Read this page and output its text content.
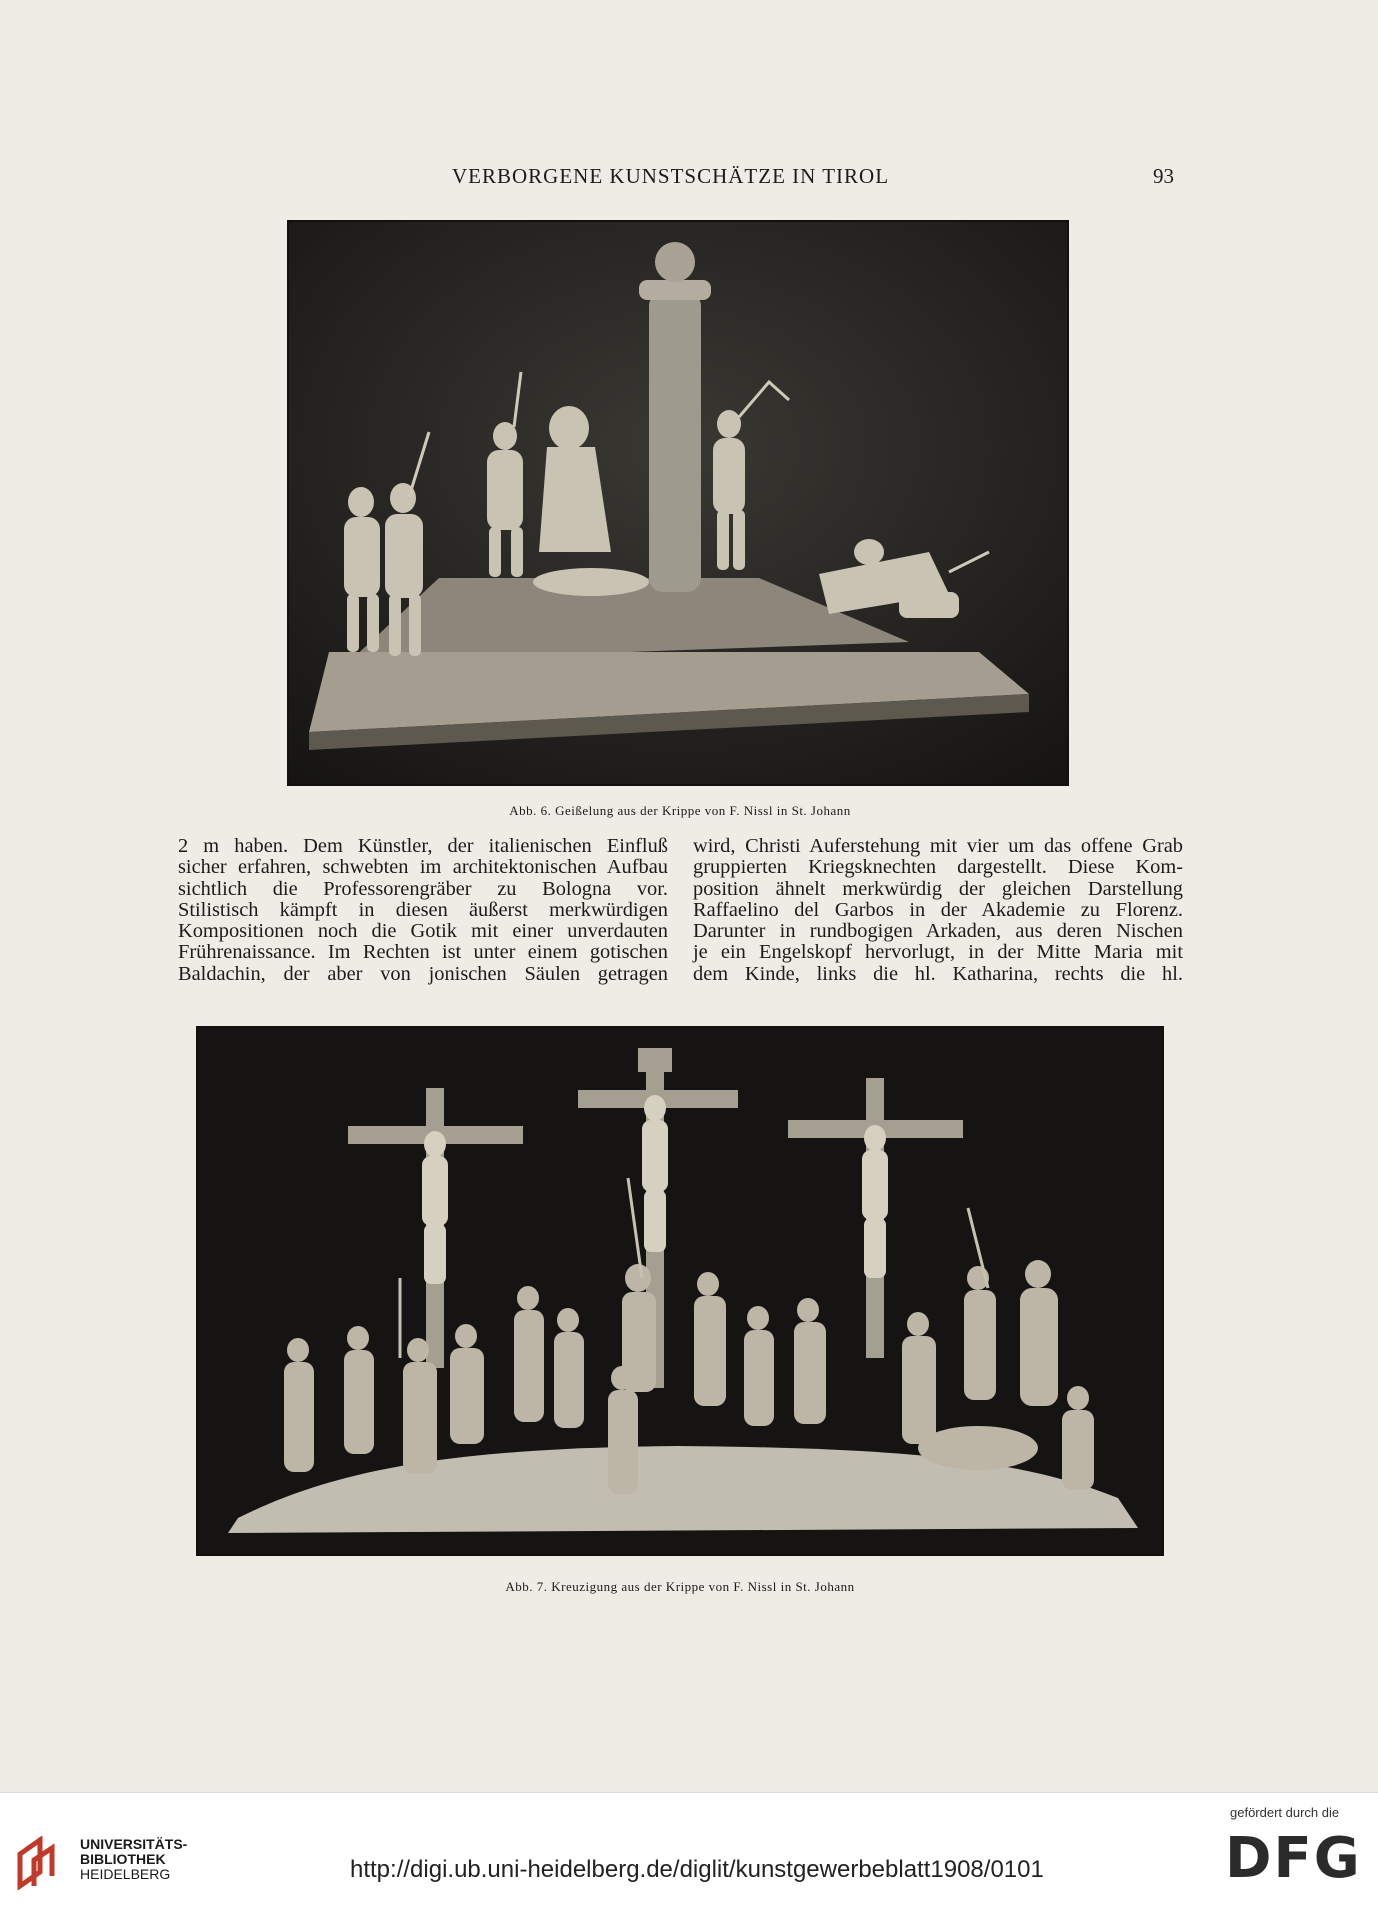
VERBORGENE KUNSTSCHÄTZE IN TIROL	93
Abb. 6. Geißelung aus der Krippe von F. Nissl in St. Johann
2 m haben. Dem Künstler, der italienischen Einfluß
sicher erfahren, schwebten im architektonischen Aufbau
sichtlich die Professorengräber zu Bologna vor.
Stilistisch kämpft in diesen äußerst merkwürdigen
Kompositionen noch die Gotik mit einer unverdauten
Frührenaissance. Im Rechten ist unter einem gotischen
Baldachin, der aber von jonischen Säulen getragen
wird, Christi Auferstehung mit vier um das offene Grab
gruppierten Kriegsknechten dargestellt. Diese Kom-
position ähnelt merkwürdig der gleichen Darstellung
Raffaelino del Garbos in der Akademie zu Florenz.
Darunter in rundbogigen Arkaden, aus deren Nischen
je ein Engelskopf hervorlugt, in der Mitte Maria mit
dem Kinde, links die hl. Katharina, rechts die hl.
Abb. 7. Kreuzigung aus der Krippe von F. Nissl in St. Johann
UNIVERSITÄTS-
BIBLIOTHEK
HEIDELBERG	http://digi.ub.uni-heidelberg.de/diglit/kunstgewerbeblatt1908/0101
gefördert durch die
DFG
